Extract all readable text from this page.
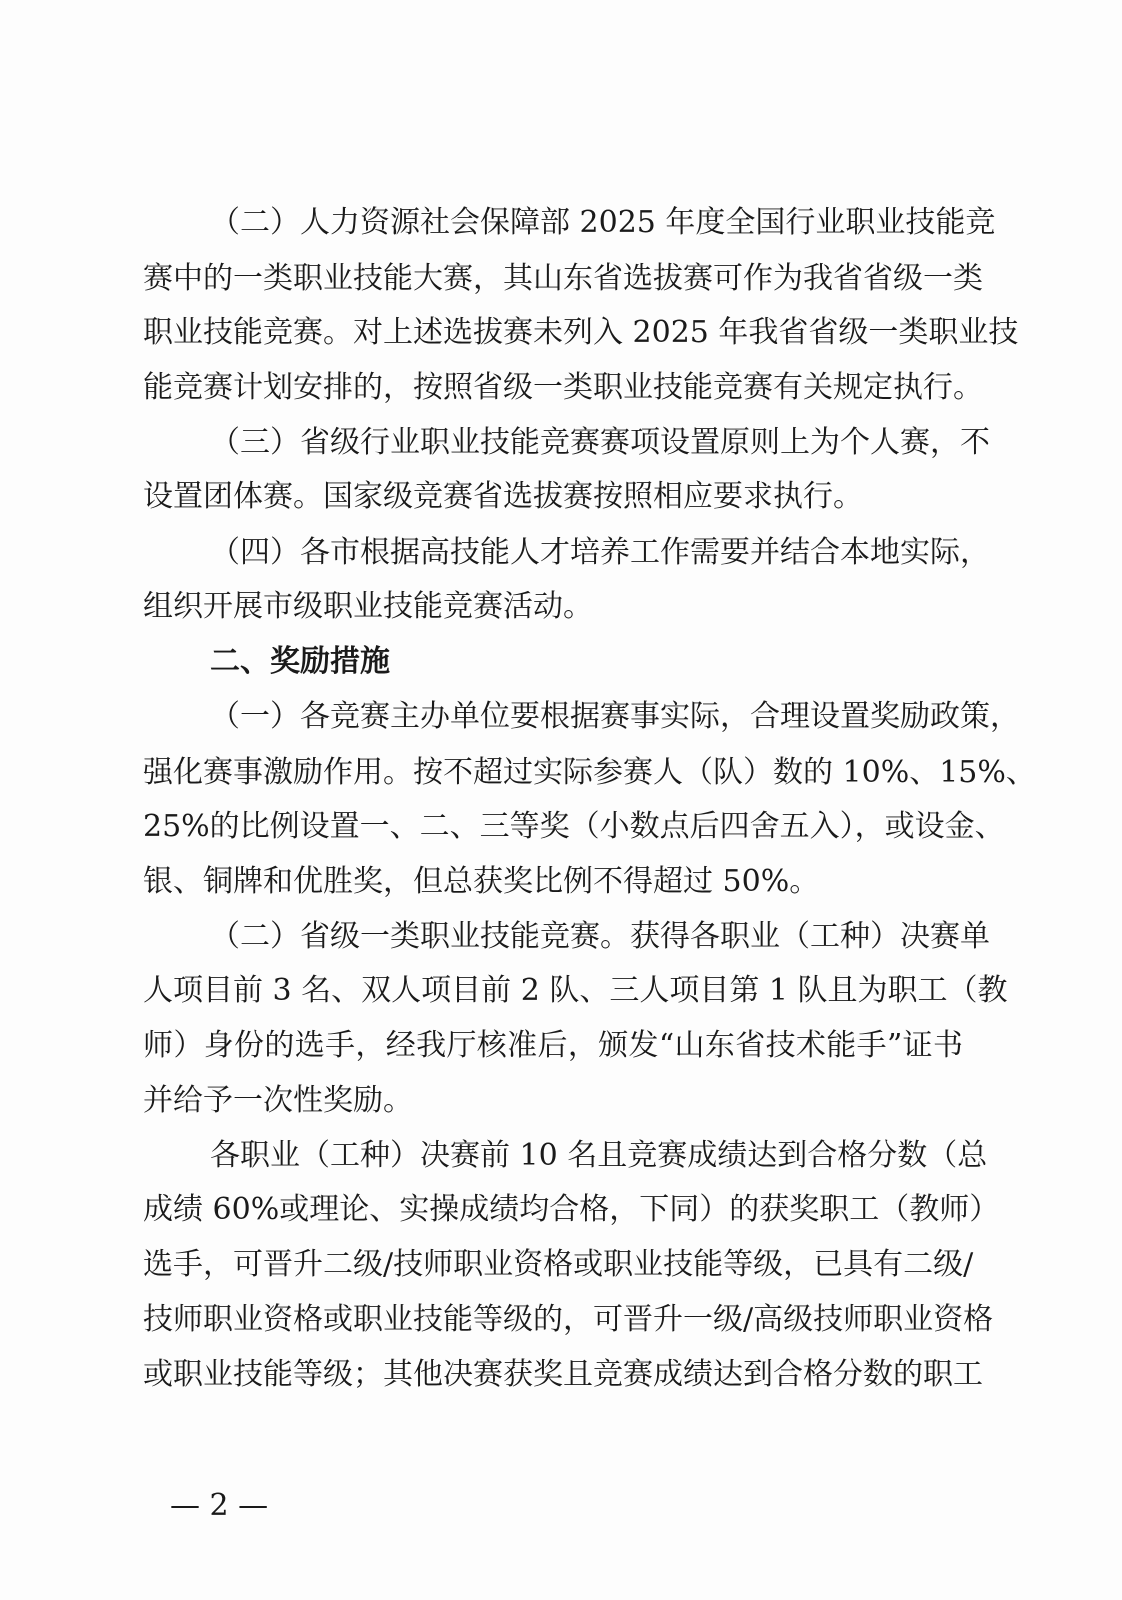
（二）人力资源社会保障部 2025 年度全国行业职业技能竞
赛中的一类职业技能大赛，其山东省选拔赛可作为我省省级一类
职业技能竞赛。对上述选拔赛未列入 2025 年我省省级一类职业技
能竞赛计划安排的，按照省级一类职业技能竞赛有关规定执行。
（三）省级行业职业技能竞赛赛项设置原则上为个人赛，不
设置团体赛。国家级竞赛省选拔赛按照相应要求执行。
（四）各市根据高技能人才培养工作需要并结合本地实际，
组织开展市级职业技能竞赛活动。
二、奖励措施
（一）各竞赛主办单位要根据赛事实际，合理设置奖励政策，
强化赛事激励作用。按不超过实际参赛人（队）数的 10%、15%、
25%的比例设置一、二、三等奖（小数点后四舍五入），或设金、
银、铜牌和优胜奖，但总获奖比例不得超过 50%。
（二）省级一类职业技能竞赛。获得各职业（工种）决赛单
人项目前 3 名、双人项目前 2 队、三人项目第 1 队且为职工（教
师）身份的选手，经我厅核准后，颁发“山东省技术能手”证书
并给予一次性奖励。
各职业（工种）决赛前 10 名且竞赛成绩达到合格分数（总
成绩 60%或理论、实操成绩均合格，下同）的获奖职工（教师）
选手，可晋升二级/技师职业资格或职业技能等级，已具有二级/
技师职业资格或职业技能等级的，可晋升一级/高级技师职业资格
或职业技能等级；其他决赛获奖且竞赛成绩达到合格分数的职工
— 2 —
